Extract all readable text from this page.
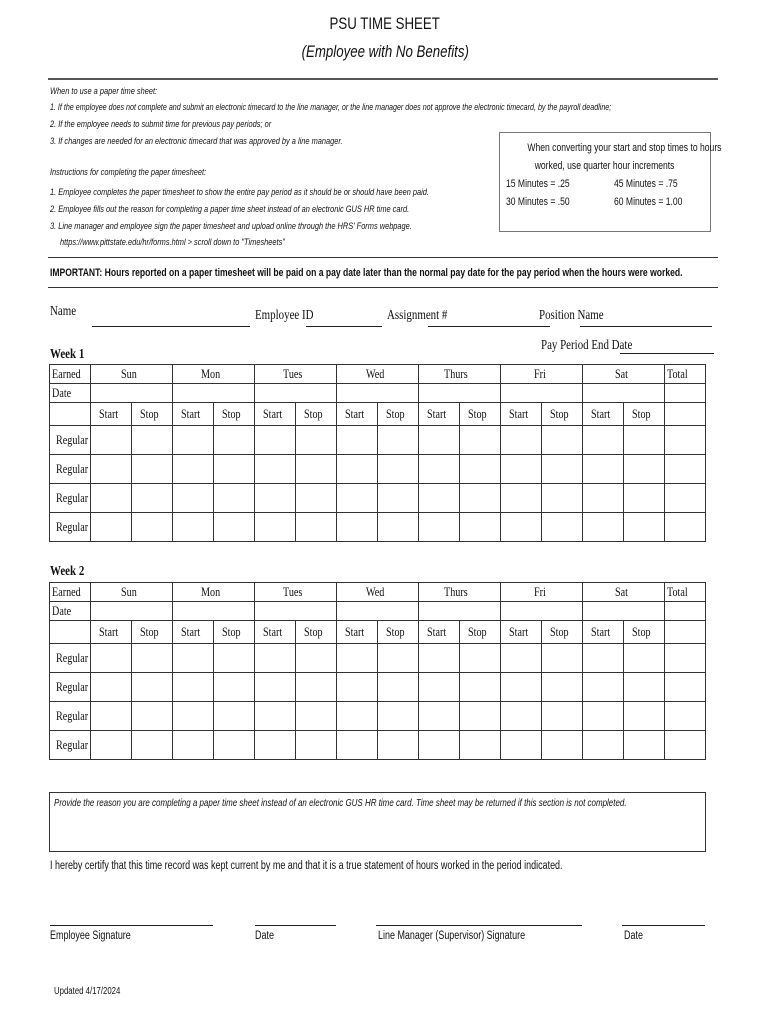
PSU TIME SHEET
(Employee with No Benefits)
When to use a paper time sheet:
1. If the employee does not complete and submit an electronic timecard to the line manager, or the line manager does not approve the electronic timecard, by the payroll deadline;
2. If the employee needs to submit time for previous pay periods; or
3. If changes are needed for an electronic timecard that was approved by a line manager.
When converting your start and stop times to hours
worked, use quarter hour increments
15 Minutes = .25	45 Minutes = .75
30 Minutes = .50	60 Minutes = 1.00
Instructions for completing the paper timesheet:
1. Employee completes the paper timesheet to show the entire pay period as it should be or should have been paid.
2. Employee fills out the reason for completing a paper time sheet instead of an electronic GUS HR time card.
3. Line manager and employee sign the paper timesheet and upload online through the HRS' Forms webpage.
https://www.pittstate.edu/hr/forms.html > scroll down to "Timesheets"
IMPORTANT: Hours reported on a paper timesheet will be paid on a pay date later than the normal pay date for the pay period when the hours were worked.
Name	Employee ID	Assignment #	Position Name
Pay Period End Date
Week 1
Earned	Sun		Mon		Tues		Wed		Thurs		Fri		Sat		Total
Date															
	Start	Stop	Start	Stop	Start	Stop	Start	Stop	Start	Stop	Start	Stop	Start	Stop	
Regular															
Regular															
Regular															
Regular															
Week 2
Earned	Sun		Mon		Tues		Wed		Thurs		Fri		Sat		Total
Date															
	Start	Stop	Start	Stop	Start	Stop	Start	Stop	Start	Stop	Start	Stop	Start	Stop	
Regular															
Regular															
Regular															
Regular															
Provide the reason you are completing a paper time sheet instead of an electronic GUS HR time card. Time sheet may be returned if this section is not completed.
I hereby certify that this time record was kept current by me and that it is a true statement of hours worked in the period indicated.
Employee Signature	Date	Line Manager (Supervisor) Signature	Date
Updated 4/17/2024
